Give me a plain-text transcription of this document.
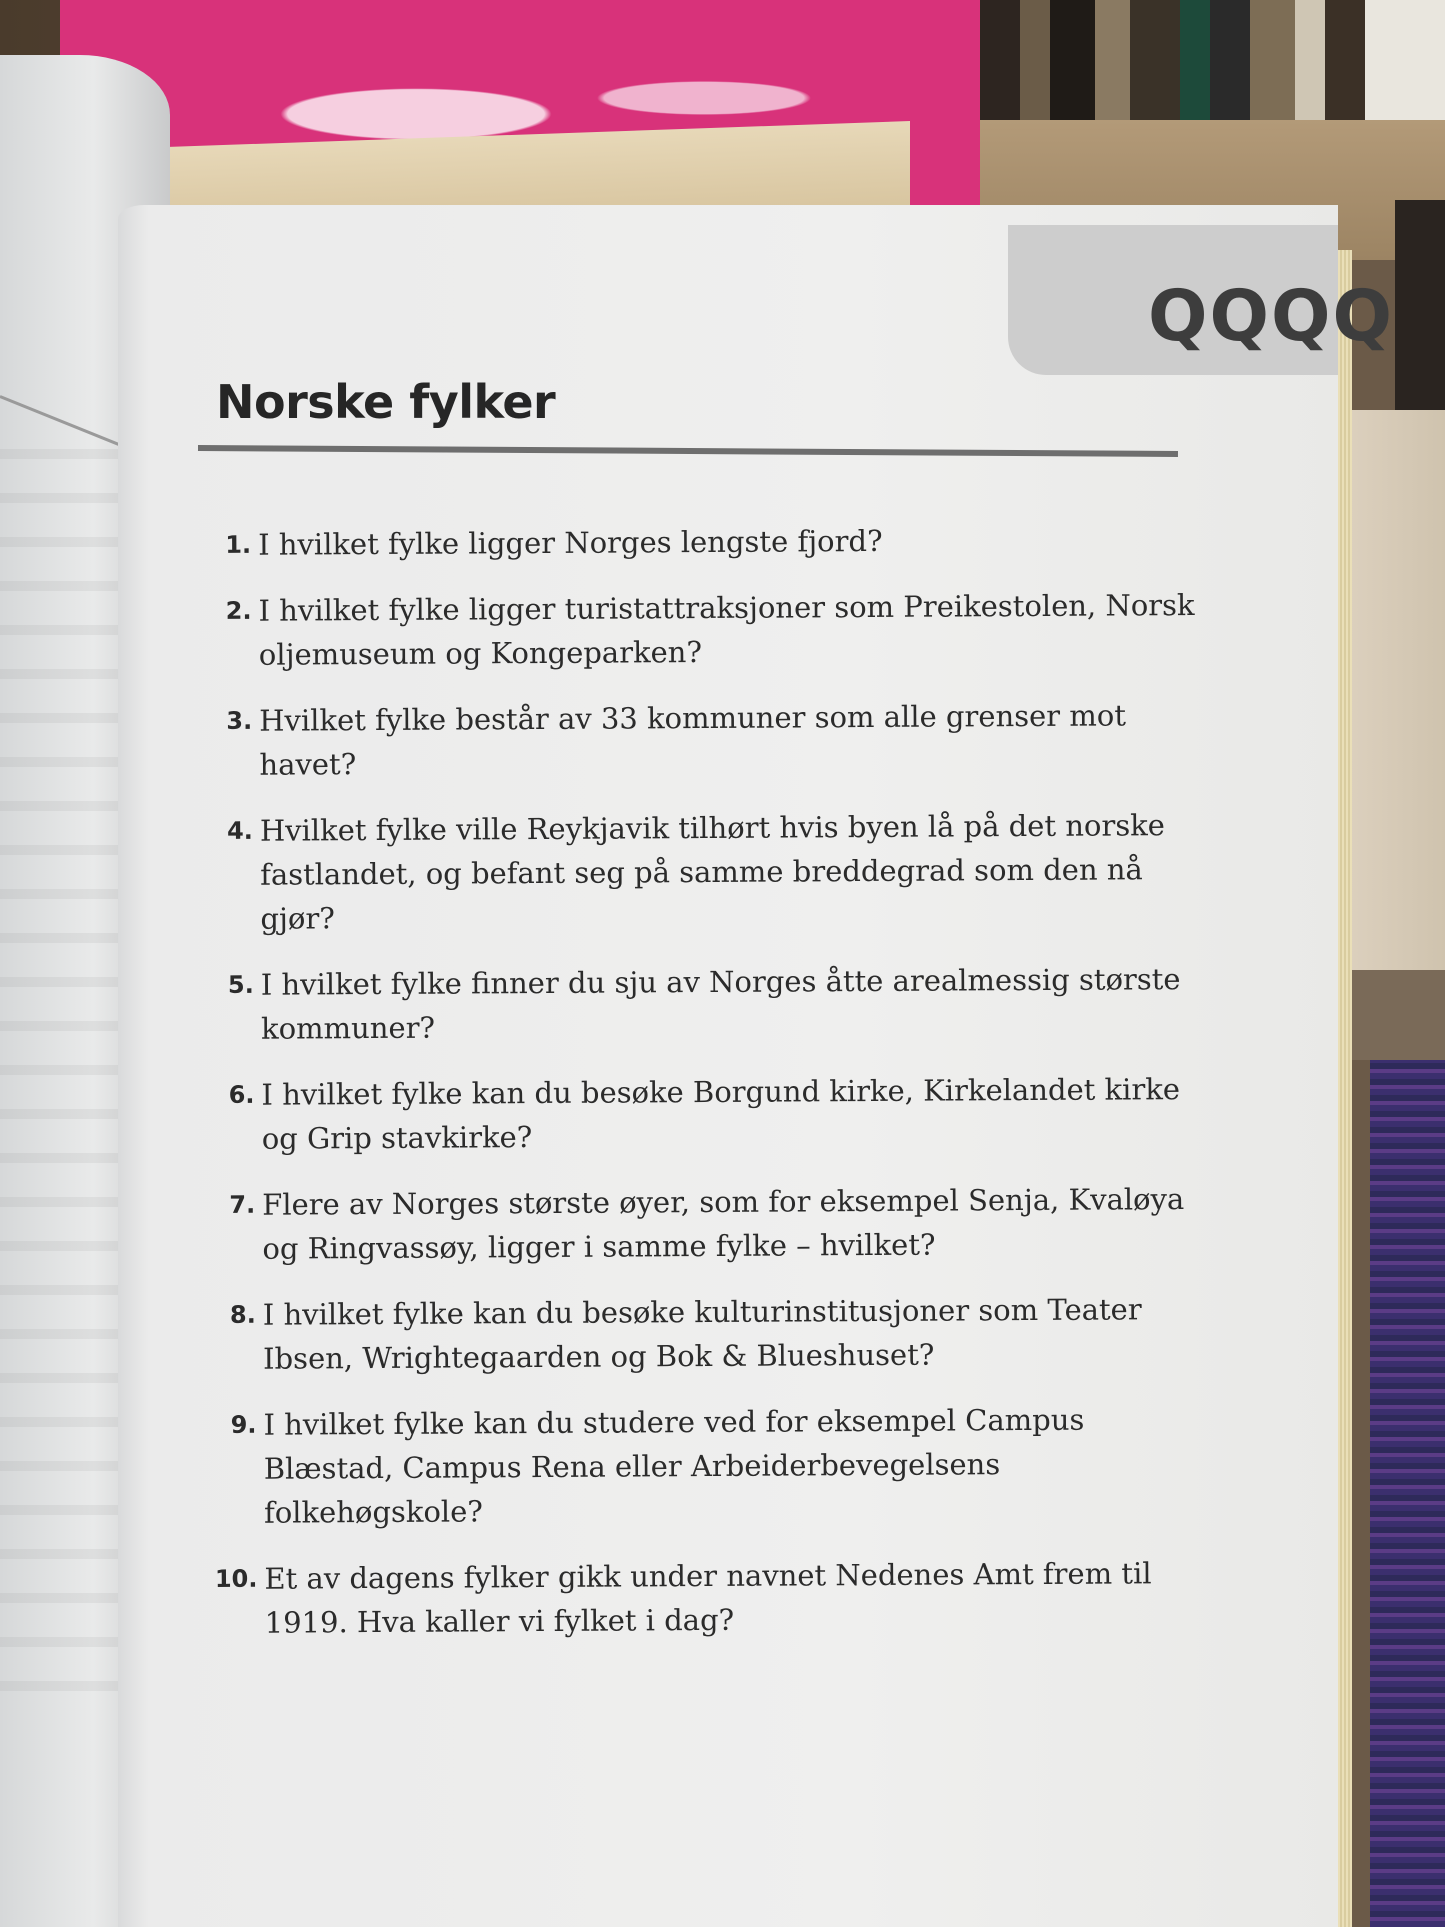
QQQQ
Norske fylker
1. I hvilket fylke ligger Norges lengste fjord?
2. I hvilket fylke ligger turistattraksjoner som Preikestolen, Norsk oljemuseum og Kongeparken?
3. Hvilket fylke består av 33 kommuner som alle grenser mot havet?
4. Hvilket fylke ville Reykjavik tilhørt hvis byen lå på det norske fastlandet, og befant seg på samme breddegrad som den nå gjør?
5. I hvilket fylke finner du sju av Norges åtte arealmessig største kommuner?
6. I hvilket fylke kan du besøke Borgund kirke, Kirkelandet kirke og Grip stavkirke?
7. Flere av Norges største øyer, som for eksempel Senja, Kvaløya og Ringvassøy, ligger i samme fylke – hvilket?
8. I hvilket fylke kan du besøke kulturinstitusjoner som Teater Ibsen, Wrightegaarden og Bok & Blueshuset?
9. I hvilket fylke kan du studere ved for eksempel Campus Blæstad, Campus Rena eller Arbeiderbevegelsens folkehøgskole?
10. Et av dagens fylker gikk under navnet Nedenes Amt frem til 1919. Hva kaller vi fylket i dag?
